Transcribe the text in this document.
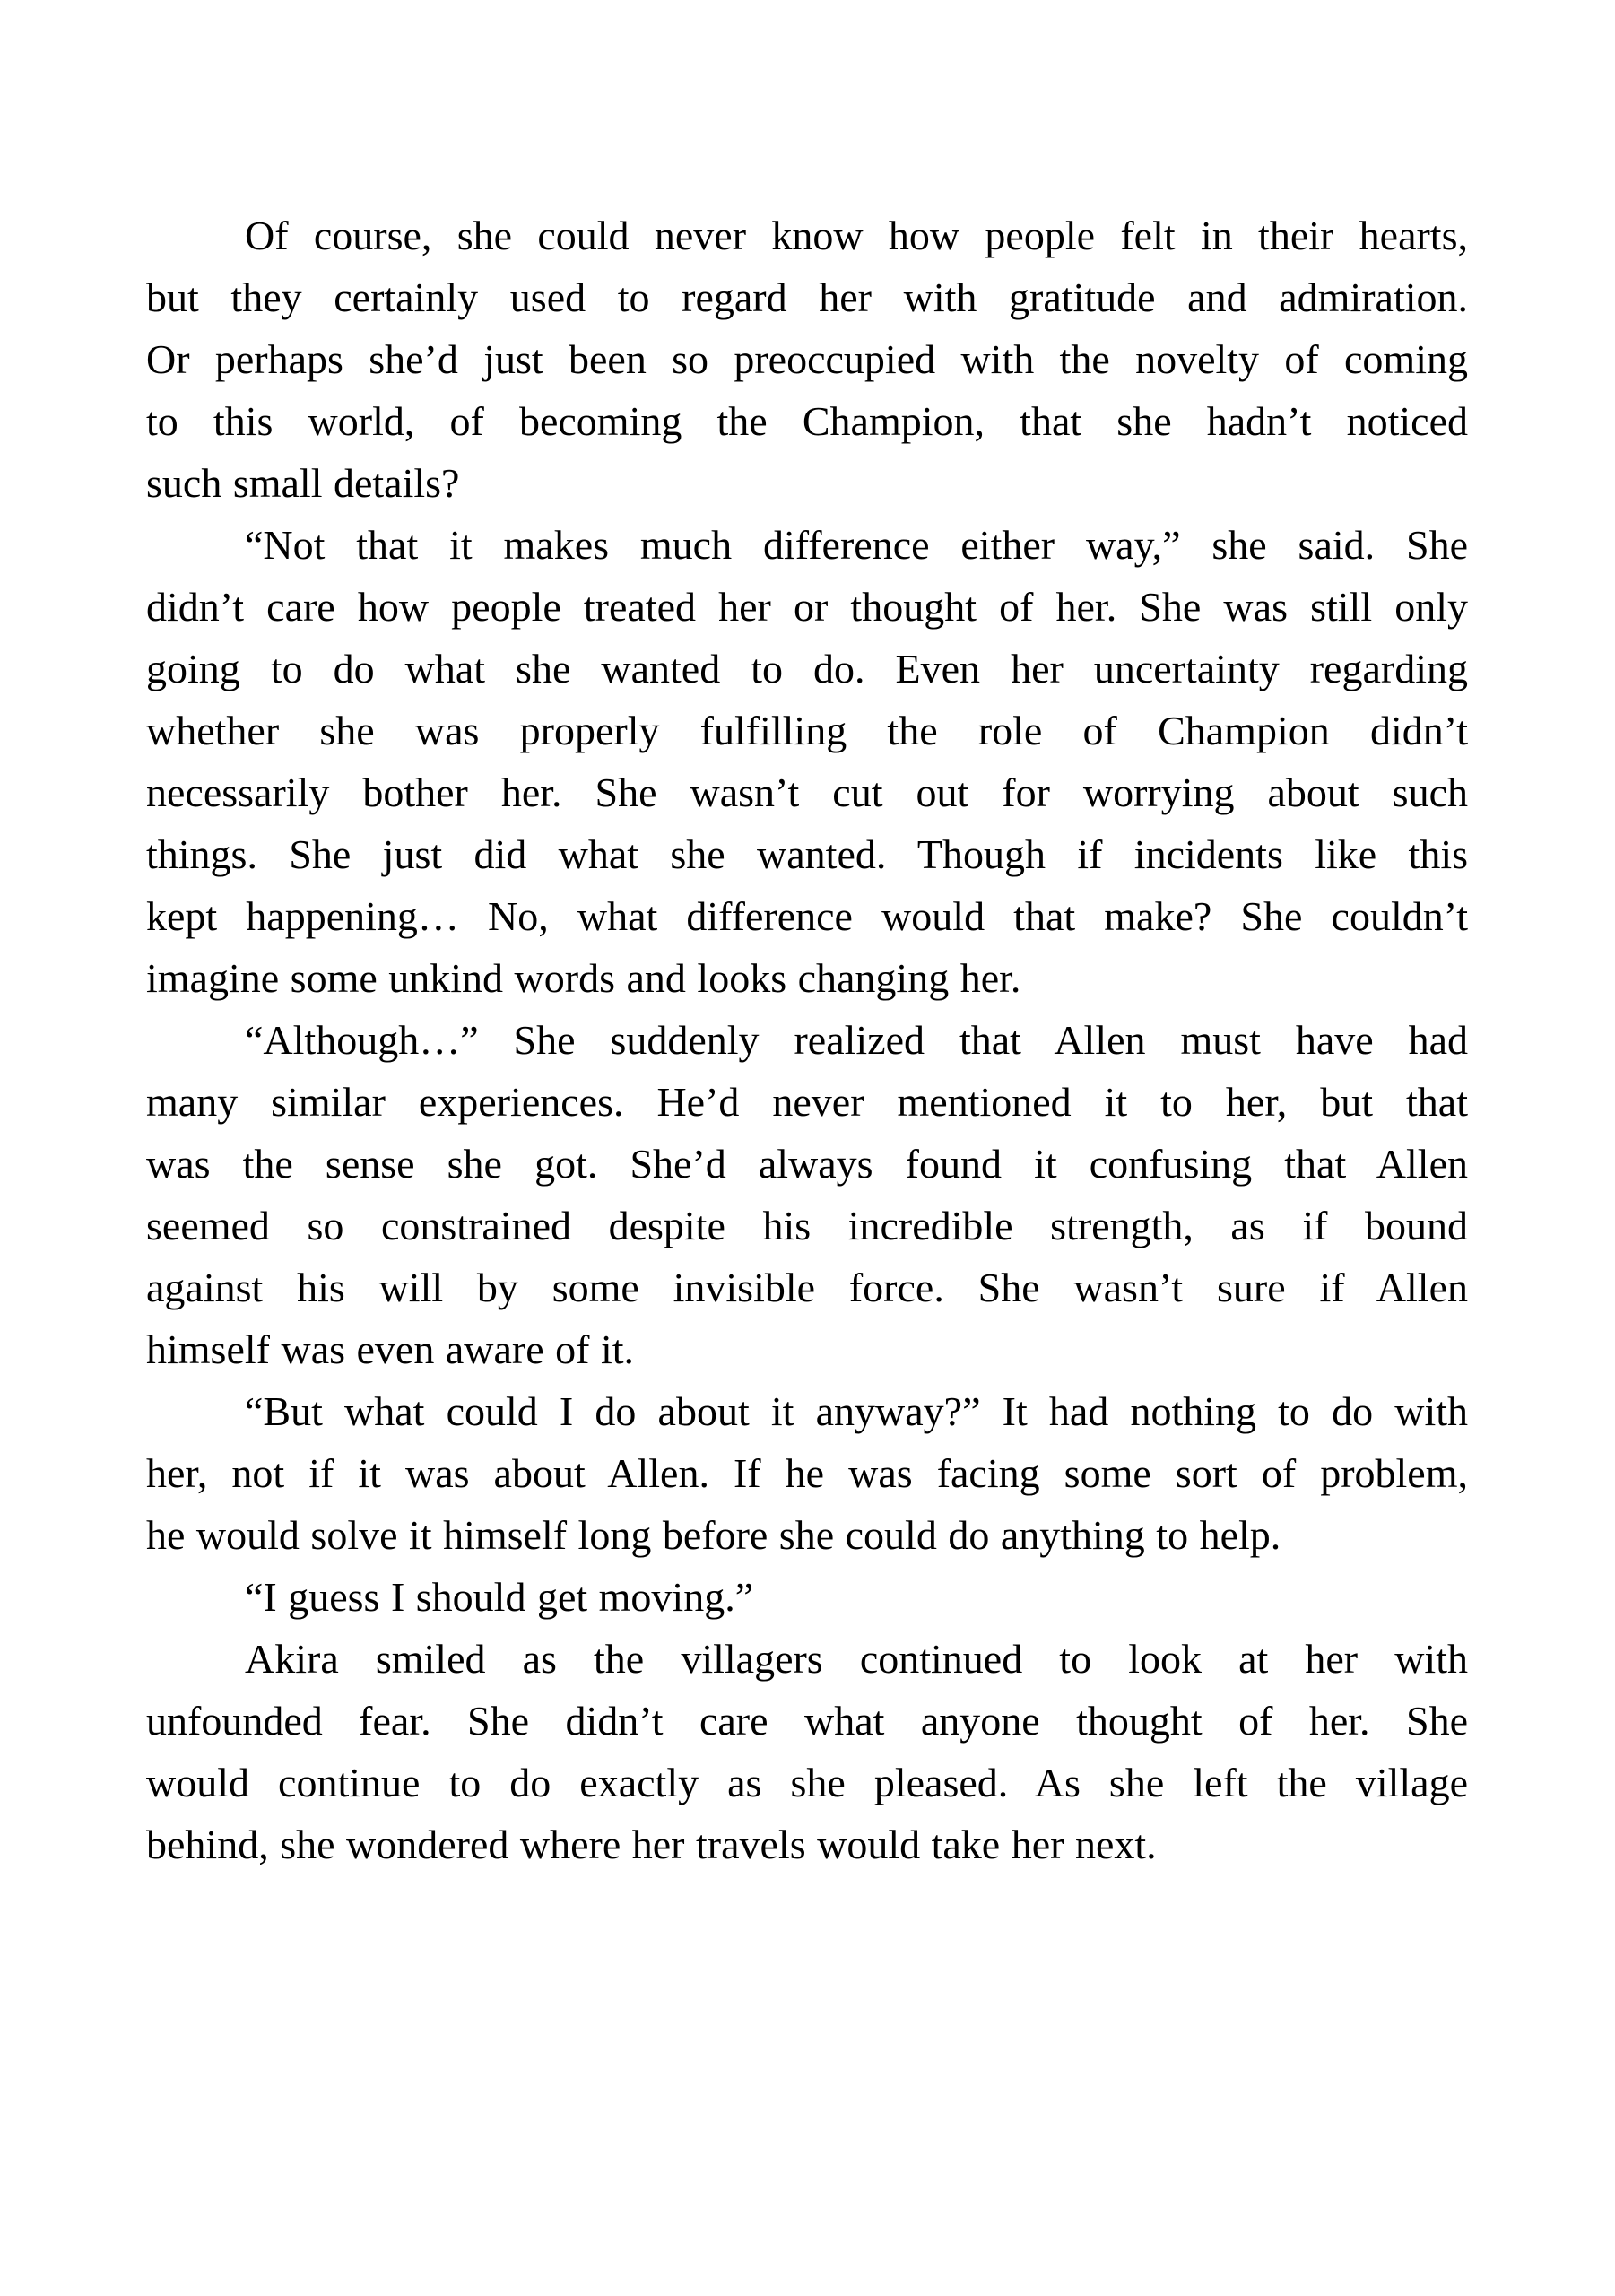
Of course, she could never know how people felt in their hearts,
but they certainly used to regard her with gratitude and admiration.
Or perhaps she’d just been so preoccupied with the novelty of coming
to this world, of becoming the Champion, that she hadn’t noticed
such small details?
“Not that it makes much difference either way,” she said. She
didn’t care how people treated her or thought of her. She was still only
going to do what she wanted to do. Even her uncertainty regarding
whether she was properly fulfilling the role of Champion didn’t
necessarily bother her. She wasn’t cut out for worrying about such
things. She just did what she wanted. Though if incidents like this
kept happening… No, what difference would that make? She couldn’t
imagine some unkind words and looks changing her.
“Although…” She suddenly realized that Allen must have had
many similar experiences. He’d never mentioned it to her, but that
was the sense she got. She’d always found it confusing that Allen
seemed so constrained despite his incredible strength, as if bound
against his will by some invisible force. She wasn’t sure if Allen
himself was even aware of it.
“But what could I do about it anyway?” It had nothing to do with
her, not if it was about Allen. If he was facing some sort of problem,
he would solve it himself long before she could do anything to help.
“I guess I should get moving.”
Akira smiled as the villagers continued to look at her with
unfounded fear. She didn’t care what anyone thought of her. She
would continue to do exactly as she pleased. As she left the village
behind, she wondered where her travels would take her next.
